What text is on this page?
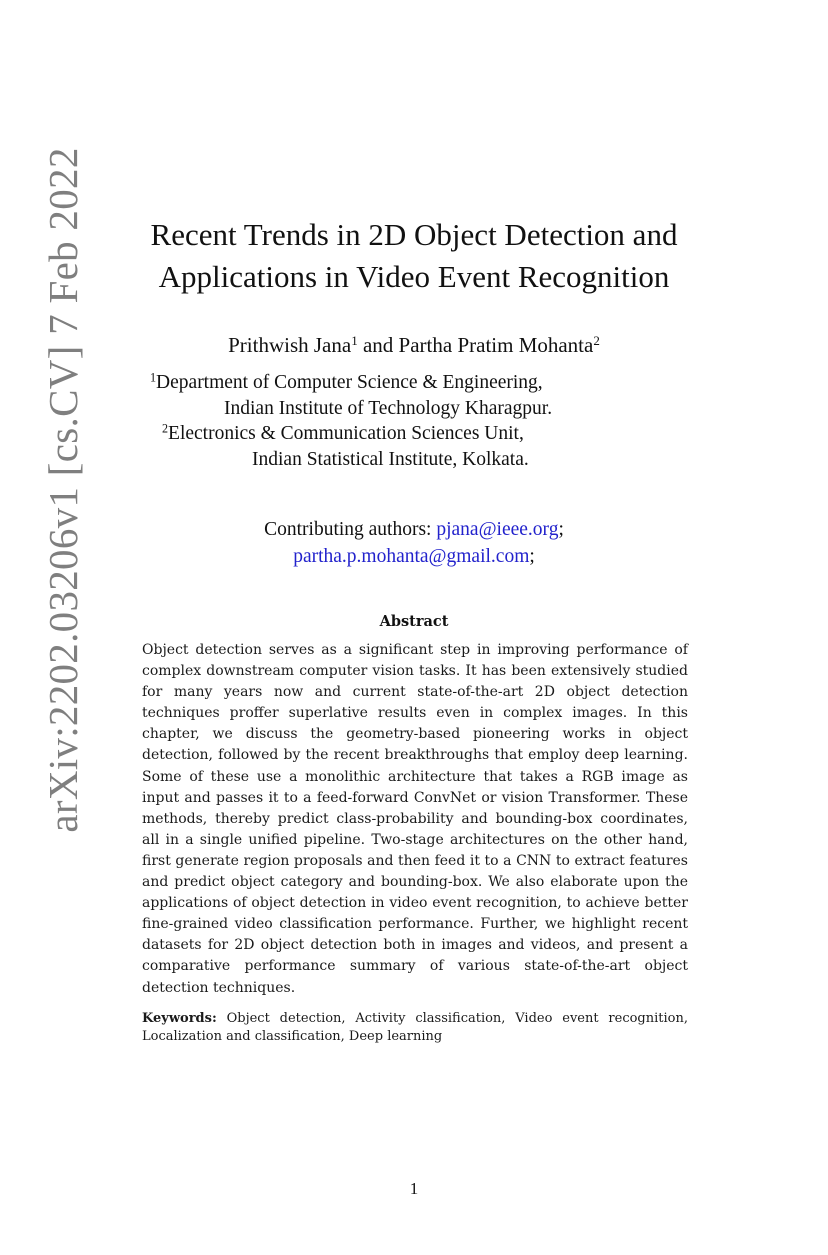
arXiv:2202.03206v1 [cs.CV] 7 Feb 2022	Recent Trends in 2D Object Detection and
Applications in Video Event Recognition
Prithwish Jana$^1$ and Partha Pratim Mohanta$^2$
$^1$Department of Computer Science & Engineering,
Indian Institute of Technology Kharagpur.
$^2$Electronics & Communication Sciences Unit,
Indian Statistical Institute, Kolkata.
Contributing authors: pjana@ieee.org;
partha.p.mohanta@gmail.com;
Abstract
Object detection serves as a significant step in improving performance of complex downstream computer vision tasks. It has been extensively studied for many years now and current state-of-the-art 2D object detection techniques proffer superlative results even in complex images. In this chapter, we discuss the geometry-based pioneering works in object detection, followed by the recent breakthroughs that employ deep learning. Some of these use a monolithic architecture that takes a RGB image as input and passes it to a feed-forward ConvNet or vision Transformer. These methods, thereby predict class-probability and bounding-box coordinates, all in a single unified pipeline. Two-stage architectures on the other hand, first generate region proposals and then feed it to a CNN to extract features and predict object category and bounding-box. We also elaborate upon the applications of object detection in video event recognition, to achieve better fine-grained video classification performance. Further, we highlight recent datasets for 2D object detection both in images and videos, and present a comparative performance summary of various state-of-the-art object detection techniques.
Keywords: Object detection, Activity classification, Video event recognition, Localization and classification, Deep learning
1
